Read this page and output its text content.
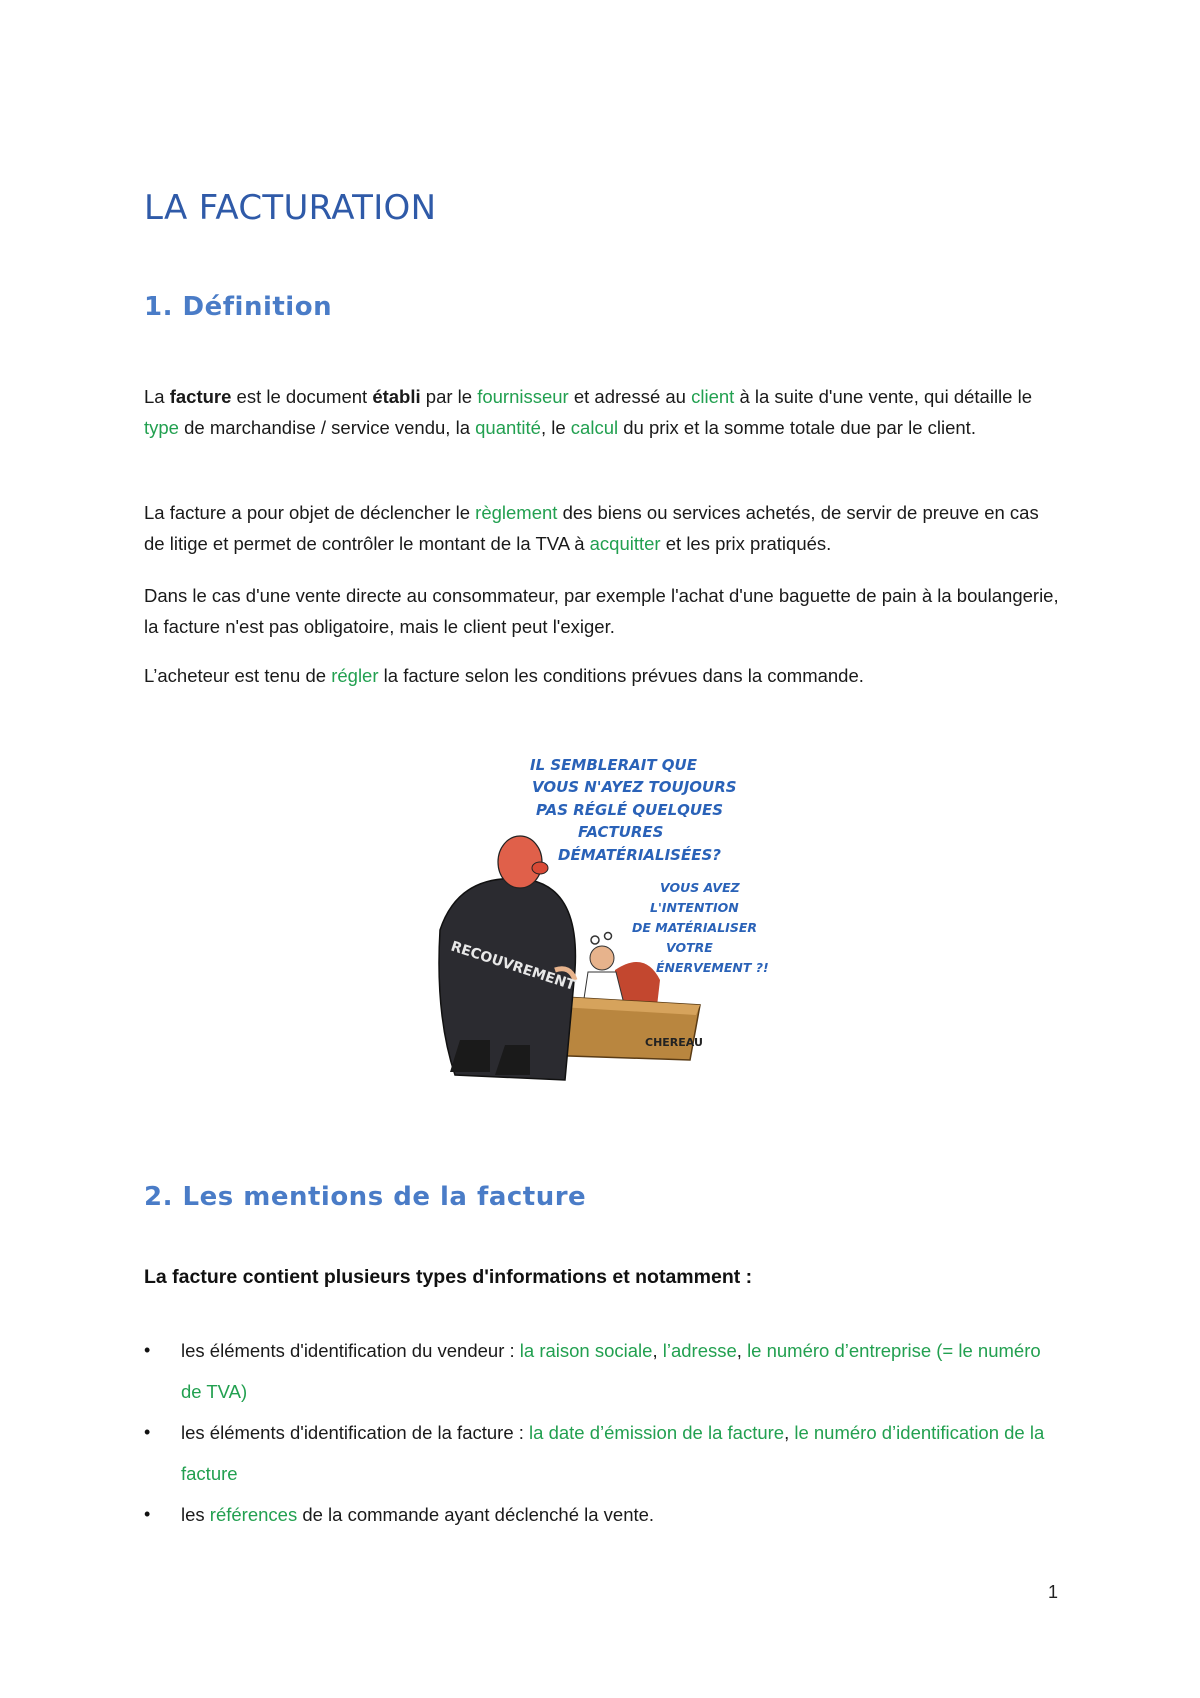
LA FACTURATION
1. Définition

La facture est le document établi par le fournisseur et adressé au client à la suite d'une vente, qui détaille le type de marchandise / service vendu, la quantité, le calcul du prix et la somme totale due par le client.

La facture a pour objet de déclencher le règlement des biens ou services achetés, de servir de preuve en cas de litige et permet de contrôler le montant de la TVA à acquitter et les prix pratiqués.

Dans le cas d'une vente directe au consommateur, par exemple l'achat d'une baguette de pain à la boulangerie, la facture n'est pas obligatoire, mais le client peut l'exiger.

L’acheteur est tenu de régler la facture selon les conditions prévues dans la commande.

IL SEMBLERAIT QUE
VOUS N'AYEZ TOUJOURS
PAS RÉGLÉ QUELQUES
FACTURES
DÉMATÉRIALISÉES?
VOUS AVEZ
L'INTENTION
DE MATÉRIALISER
VOTRE
ÉNERVEMENT ?!
RECOUVREMENT
CHEREAU
2. Les mentions de la facture

La facture contient plusieurs types d'informations et notamment :

• les éléments d'identification du vendeur : la raison sociale, l’adresse, le numéro d’entreprise (= le numéro de TVA)
• les éléments d'identification de la facture : la date d’émission de la facture, le numéro d’identification de la facture
• les références de la commande ayant déclenché la vente.
1
